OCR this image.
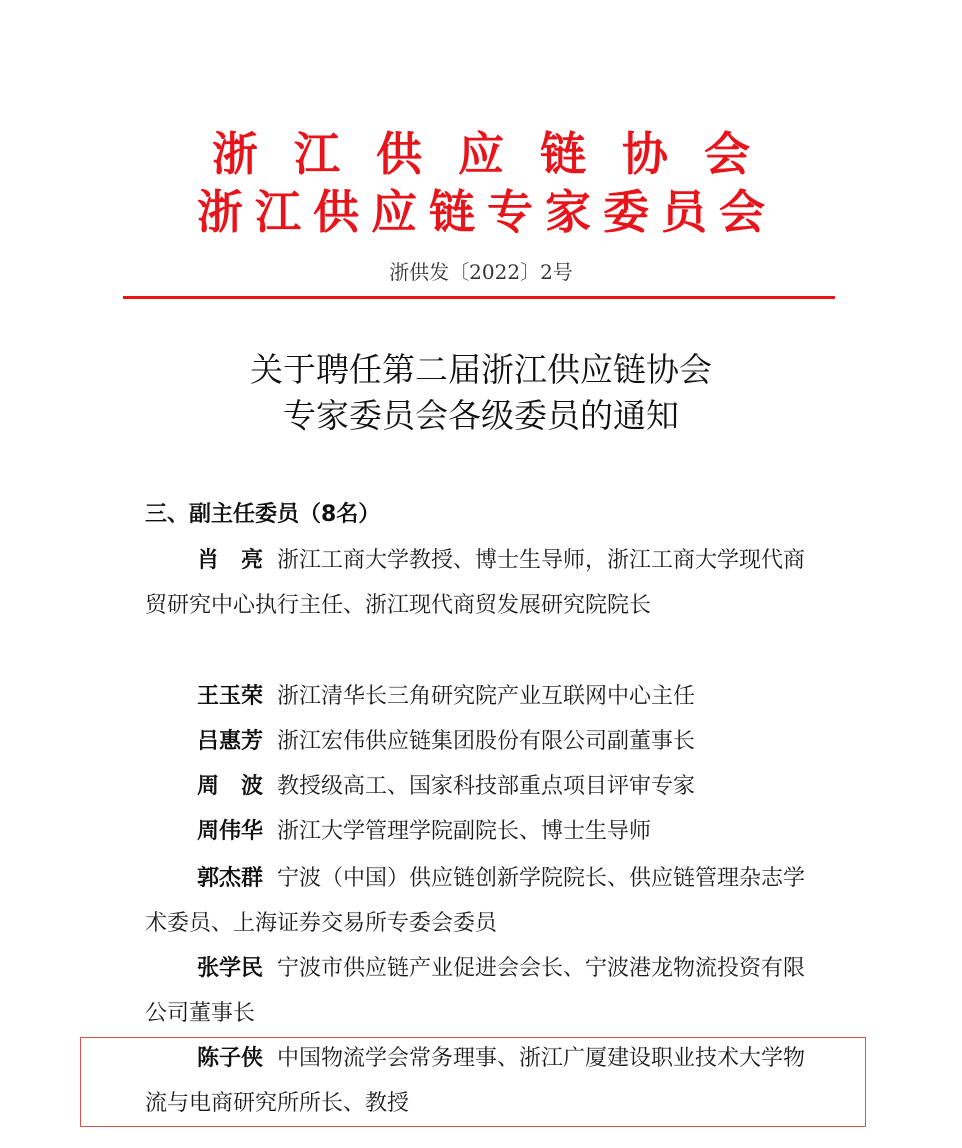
浙江供应链协会
浙江供应链专家委员会
浙供发〔2022〕2号
关于聘任第二届浙江供应链协会
专家委员会各级委员的通知
三、副主任委员（8名）

肖　亮 浙江工商大学教授、博士生导师，浙江工商大学现代商贸研究中心执行主任、浙江现代商贸发展研究院院长

王玉荣 浙江清华长三角研究院产业互联网中心主任

吕惠芳 浙江宏伟供应链集团股份有限公司副董事长

周　波 教授级高工、国家科技部重点项目评审专家

周伟华 浙江大学管理学院副院长、博士生导师

郭杰群 宁波（中国）供应链创新学院院长、供应链管理杂志学术委员、上海证券交易所专委会委员

张学民 宁波市供应链产业促进会会长、宁波港龙物流投资有限公司董事长

陈子侠 中国物流学会常务理事、浙江广厦建设职业技术大学物流与电商研究所所长、教授
